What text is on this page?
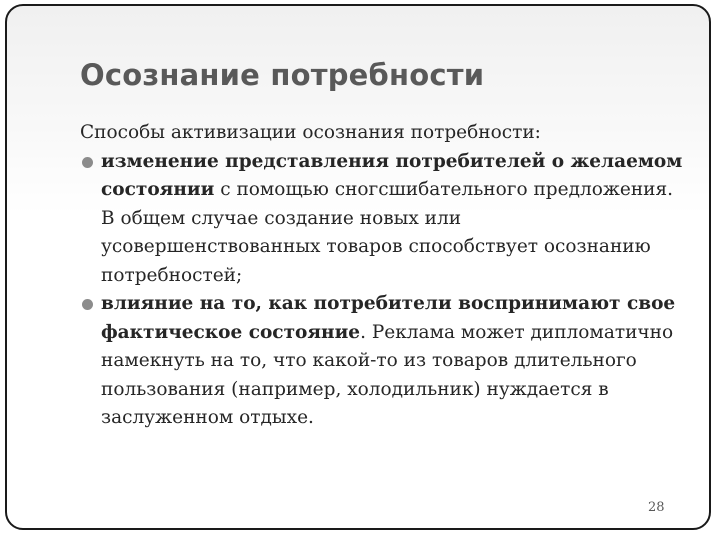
Осознание потребности

Способы активизации осознания потребности:

изменение представления потребителей о желаемом состоянии с помощью сногсшибательного предложения. В общем случае создание новых или усовершенствованных товаров способствует осознанию потребностей;
влияние на то, как потребители воспринимают свое фактическое состояние. Реклама может дипломатично намекнуть на то, что какой-то из товаров длительного пользования (например, холодильник) нуждается в заслуженном отдыхе.
28
